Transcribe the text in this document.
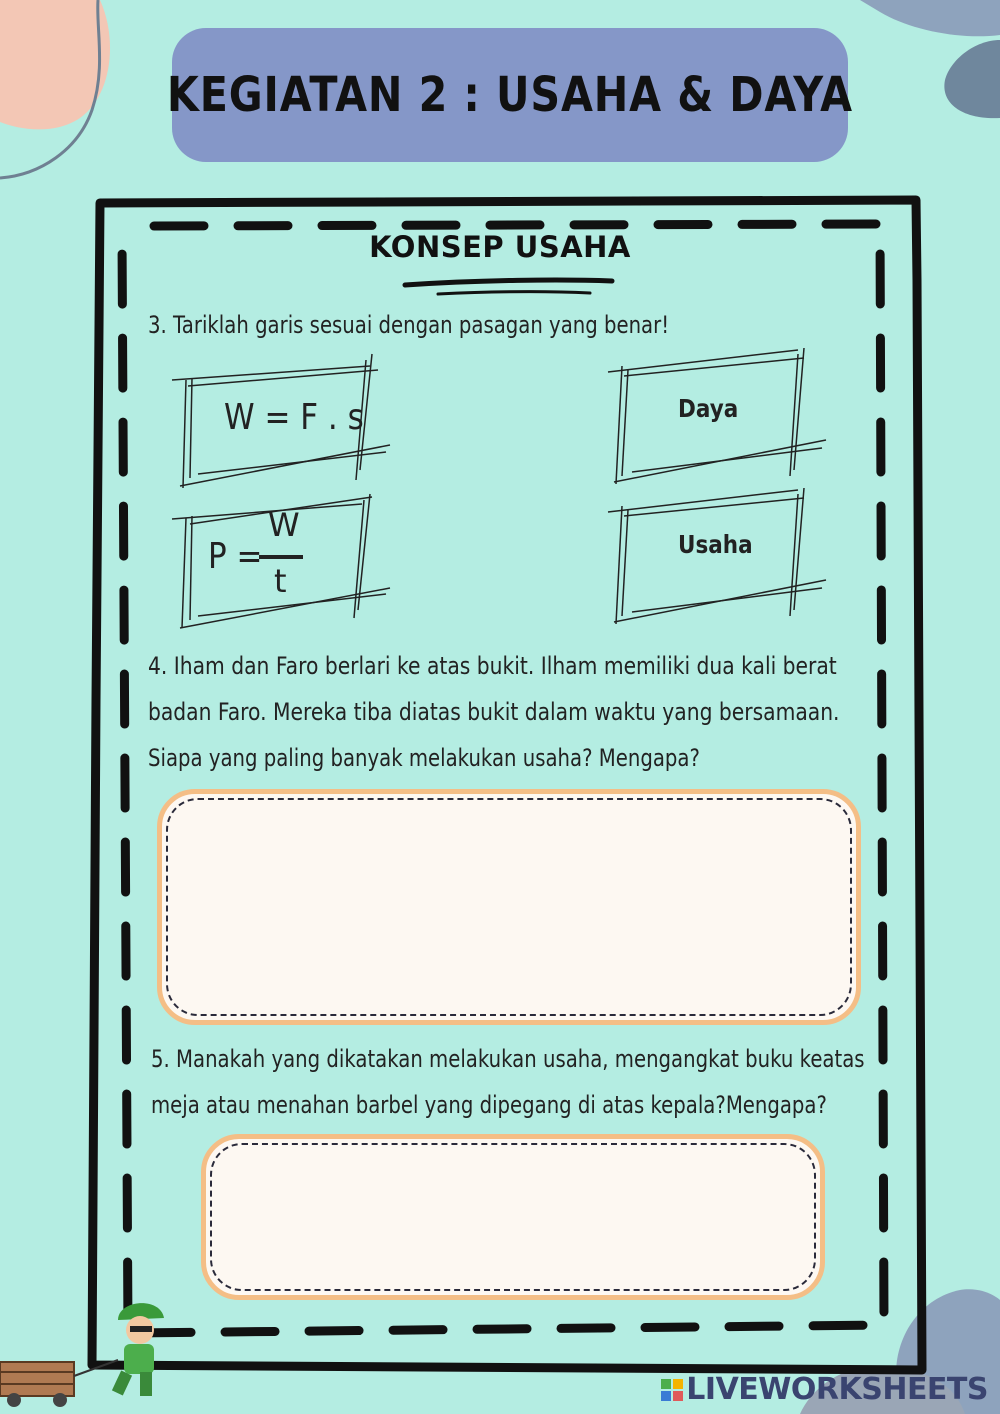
KEGIATAN 2 : USAHA & DAYA
KONSEP USAHA
3. Tariklah garis sesuai dengan pasagan yang benar!
W = F . s
P =
W
t
Daya
Usaha
4. Iham dan Faro berlari ke atas bukit. Ilham memiliki dua kali berat
badan Faro. Mereka tiba diatas bukit dalam waktu yang bersamaan.
Siapa yang paling banyak melakukan usaha? Mengapa?
5. Manakah yang dikatakan melakukan usaha, mengangkat buku keatas
meja atau menahan barbel yang dipegang di atas kepala?Mengapa?
LIVEWORKSHEETS
